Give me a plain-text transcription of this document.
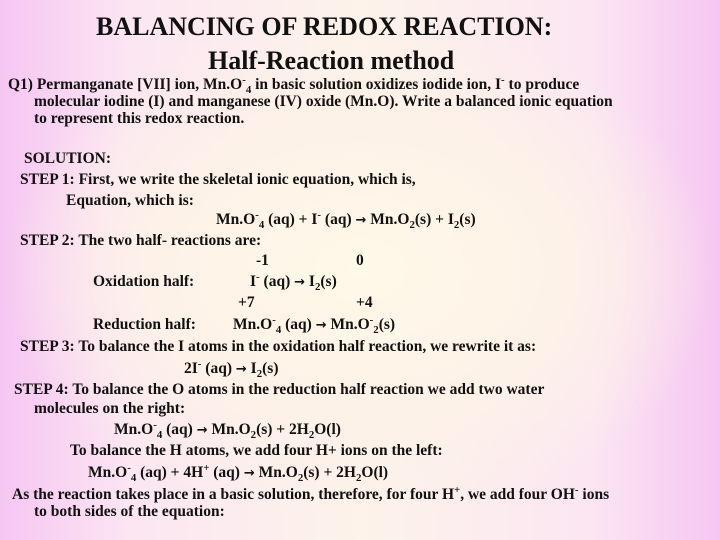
BALANCING OF REDOX REACTION:
Half-Reaction method
Q1) Permanganate [VII] ion, $Mn.O^-_4$ in basic solution oxidizes iodide ion, I- to produce
molecular iodine (I) and manganese (IV) oxide (Mn.O). Write a balanced ionic equation
to represent this redox reaction.
SOLUTION:
STEP 1: First, we write the skeletal ionic equation, which is,
Equation, which is:
$Mn.O^-_4$ (aq) + I- $(aq) \to Mn.O_2(s) + I_2(s)$
STEP 2: The two half- reactions are:
-1	0
Oxidation half:	I- $(aq) \to I_2(s)$
+7	+4
Reduction half: $Mn.O^-_4$ $(aq) \to Mn.O^-_2(s)$
STEP 3: To balance the I atoms in the oxidation half reaction, we rewrite it as:
2I- $(aq) \to I_2(s)$
STEP 4: To balance the O atoms in the reduction half reaction we add two water
molecules on the right:
$Mn.O^-_4$ $(aq) \to Mn.O_2(s) + 2H_2O(l)$
To balance the H atoms, we add four H+ ions on the left:
$Mn.O^-_4$ (aq) + 4H+ $(aq) \to Mn.O_2(s) + 2H_2O(l)$
As the reaction takes place in a basic solution, therefore, for four H+, we add four OH- ions
to both sides of the equation:
